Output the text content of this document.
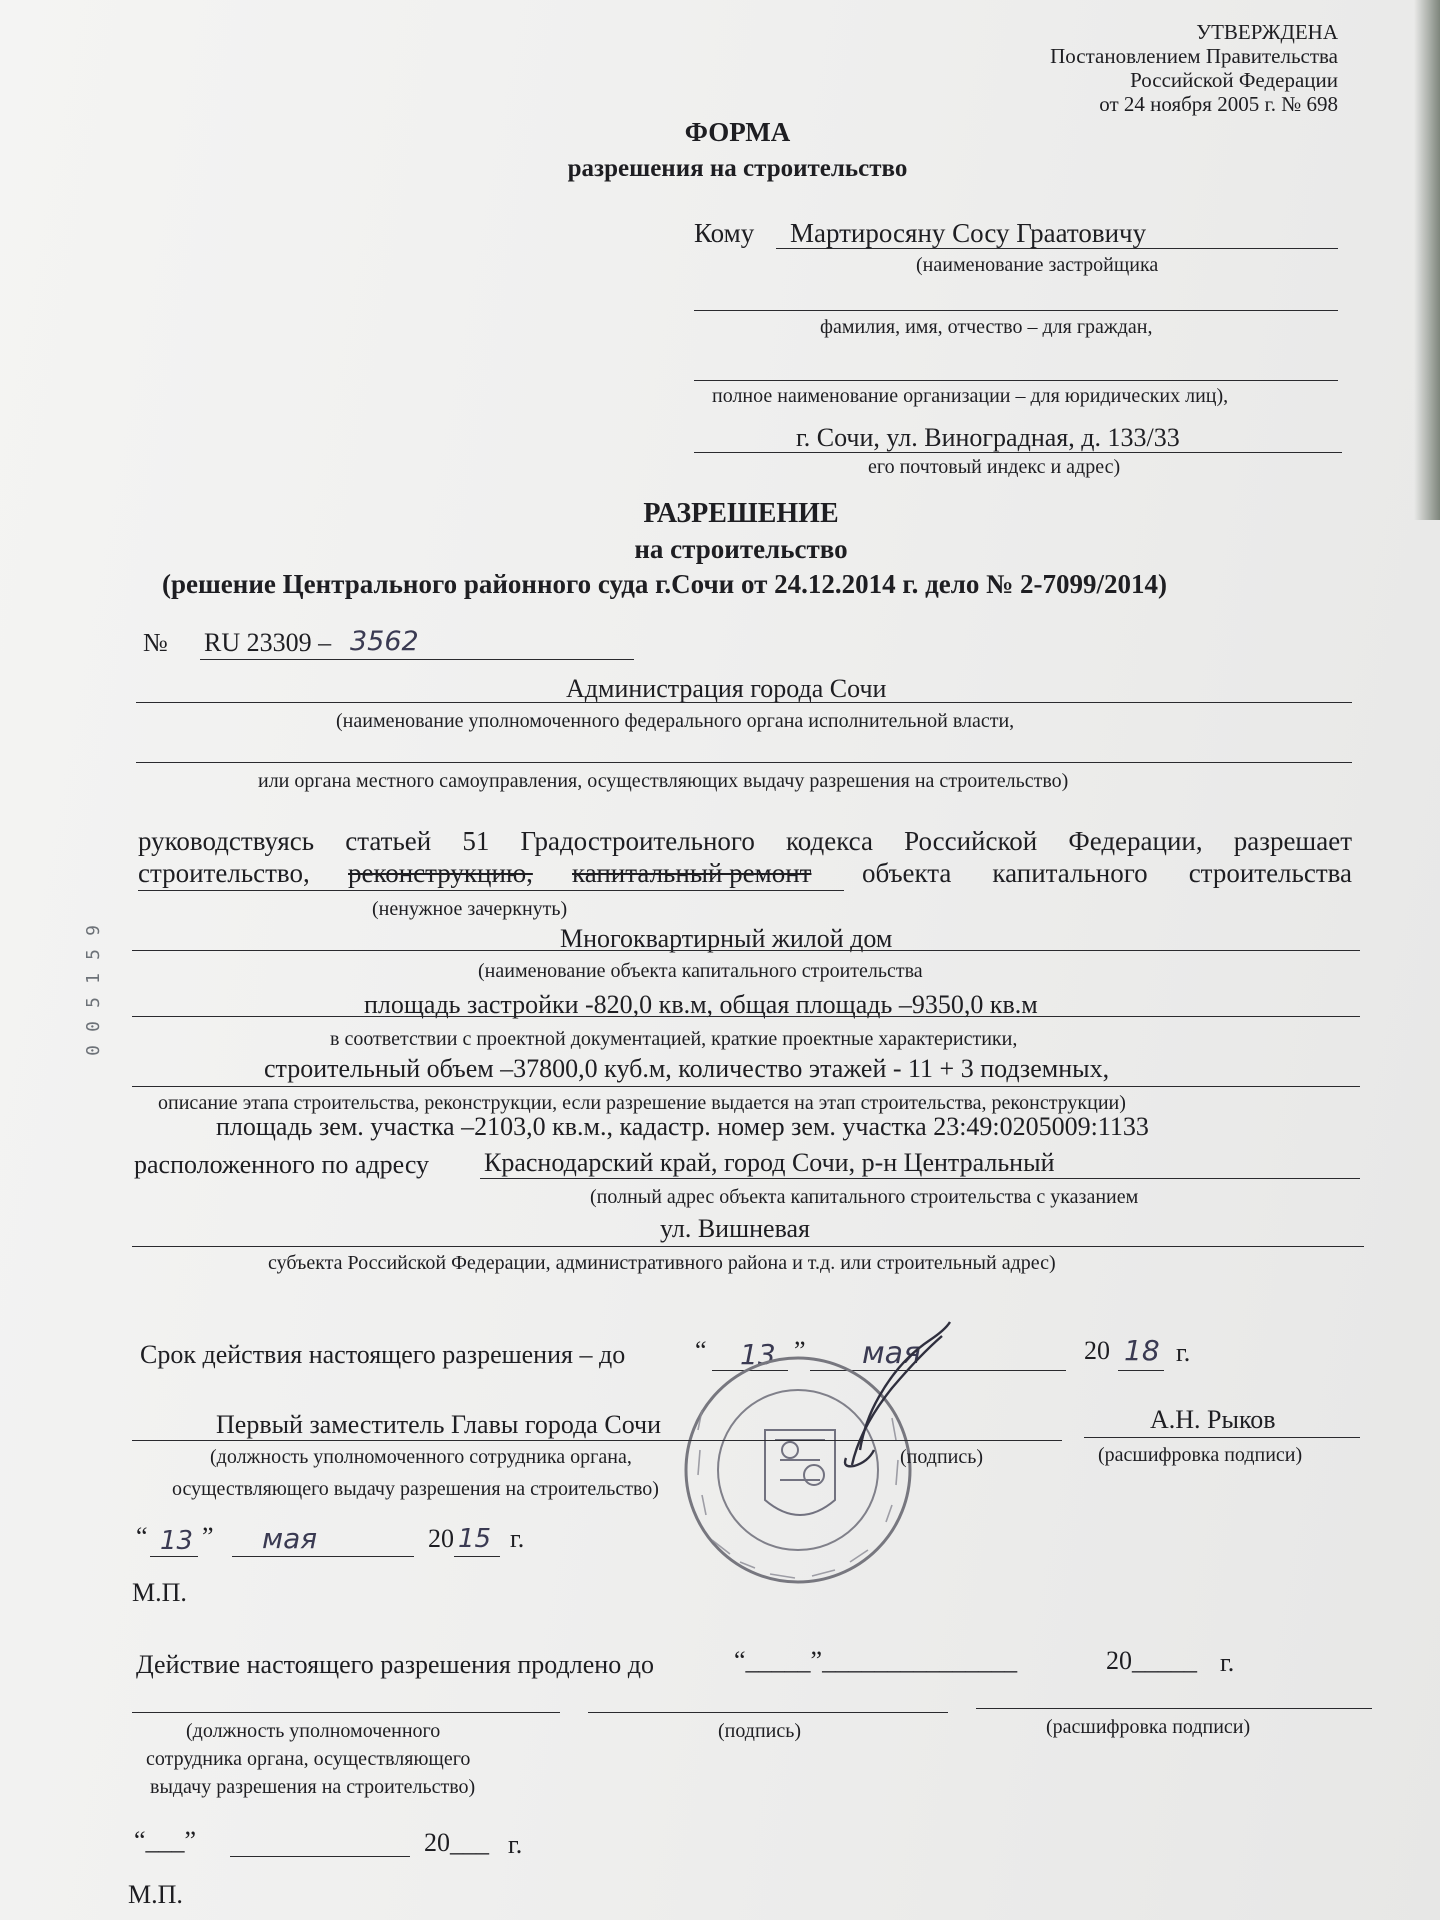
УТВЕРЖДЕНА
Постановлением Правительства
Российской Федерации
от 24 ноября 2005 г. № 698
ФОРМА
разрешения на строительство
Кому Мартиросяну Сосу Граатовичу
(наименование застройщика
фамилия, имя, отчество – для граждан,
полное наименование организации – для юридических лиц),
г. Сочи, ул. Виноградная, д. 133/33
его почтовый индекс и адрес)
РАЗРЕШЕНИЕ
на строительство
(решение Центрального районного суда г.Сочи от 24.12.2014 г. дело № 2-7099/2014)
№ RU 23309 – 3562
Администрация города Сочи
(наименование уполномоченного федерального органа исполнительной власти,
или органа местного самоуправления, осуществляющих выдачу разрешения на строительство)
руководствуясь статьей 51 Градостроительного кодекса Российской Федерации, разрешает
строительство, реконструкцию, капитальный ремонт объекта капитального строительства
(ненужное зачеркнуть)
Многоквартирный жилой дом
(наименование объекта капитального строительства
площадь застройки -820,0 кв.м, общая площадь –9350,0 кв.м
в соответствии с проектной документацией, краткие проектные характеристики,
строительный объем –37800,0 куб.м, количество этажей - 11 + 3 подземных,
описание этапа строительства, реконструкции, если разрешение выдается на этап строительства, реконструкции)
площадь зем. участка –2103,0 кв.м., кадастр. номер зем. участка 23:49:0205009:1133
расположенного по адресу Краснодарский край, город Сочи, р-н Центральный
(полный адрес объекта капитального строительства с указанием
ул. Вишневая
субъекта Российской Федерации, административного района и т.д. или строительный адрес)
Срок действия настоящего разрешения – до	“ 13 ” мая	20 18 г.
Первый заместитель Главы города Сочи	А.Н. Рыков
(должность уполномоченного сотрудника органа,
осуществляющего выдачу разрешения на строительство)
(подпись)	(расшифровка подписи)
“ 13 ” мая	20 15 г.
М.П.
Действие настоящего разрешения продлено до	“_____”_______________	20_____ г.
(должность уполномоченного
сотрудника органа, осуществляющего
выдачу разрешения на строительство)
(подпись)	(расшифровка подписи)
“___”	20___ г.
М.П.
9
5
1
5
0
0
